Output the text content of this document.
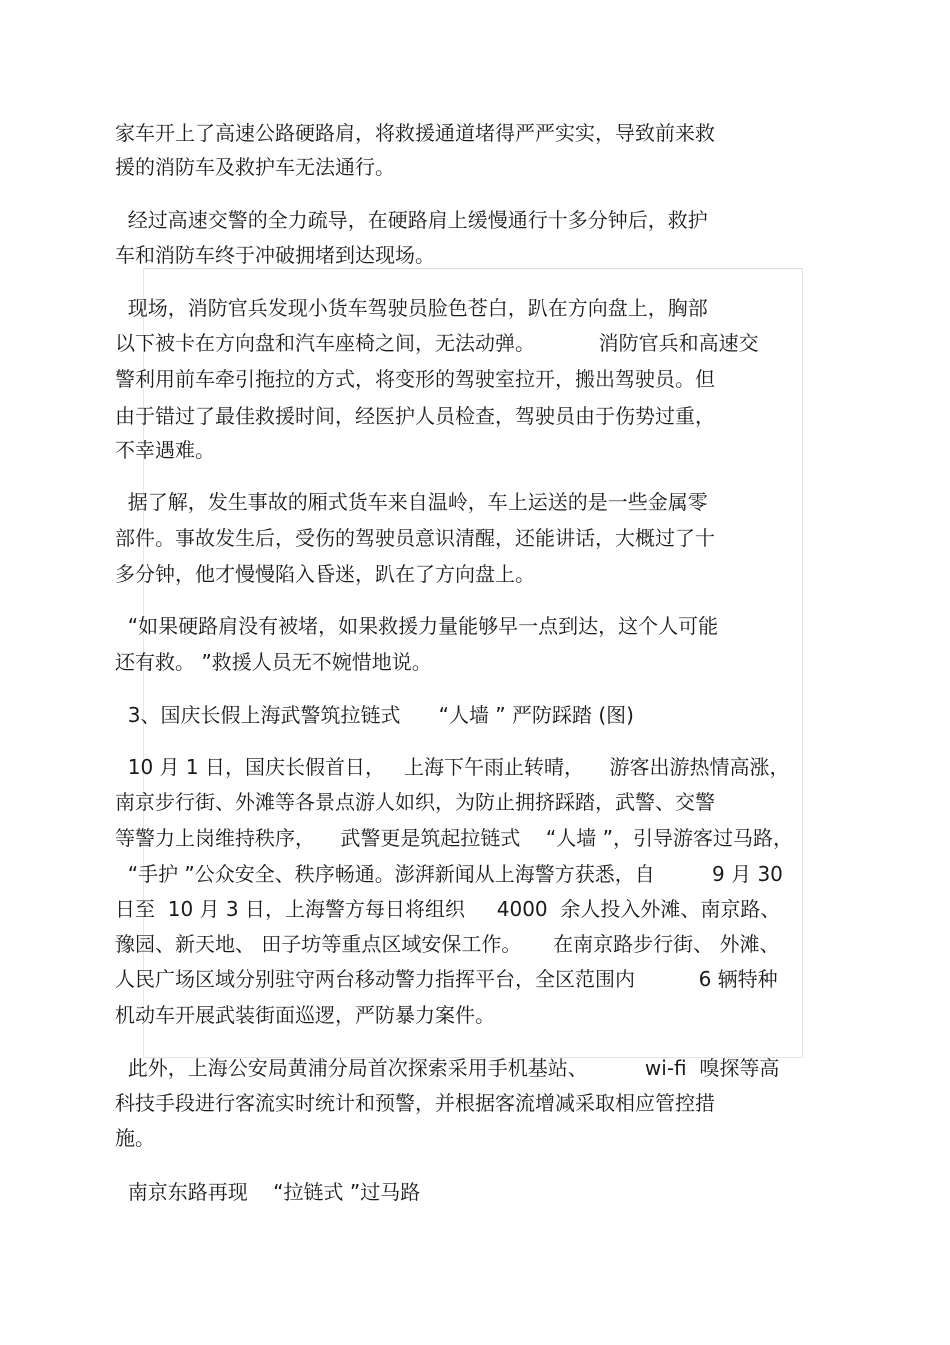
家车开上了高速公路硬路肩，将救援通道堵得严严实实，导致前来救
援的消防车及救护车无法通行。
经过高速交警的全力疏导，在硬路肩上缓慢通行十多分钟后，救护
车和消防车终于冲破拥堵到达现场。
现场，消防官兵发现小货车驾驶员脸色苍白，趴在方向盘上，胸部
以下被卡在方向盘和汽车座椅之间，无法动弹。          消防官兵和高速交
警利用前车牵引拖拉的方式，将变形的驾驶室拉开，搬出驾驶员。但
由于错过了最佳救援时间，经医护人员检查，驾驶员由于伤势过重，
不幸遇难。
据了解，发生事故的厢式货车来自温岭，车上运送的是一些金属零
部件。事故发生后，受伤的驾驶员意识清醒，还能讲话，大概过了十
多分钟，他才慢慢陷入昏迷，趴在了方向盘上。
“如果硬路肩没有被堵，如果救援力量能够早一点到达，这个人可能
还有救。 ”救援人员无不婉惜地说。
3、国庆长假上海武警筑拉链式      “人墙 ” 严防踩踏 (图)
10 月 1 日，国庆长假首日，   上海下午雨止转晴，    游客出游热情高涨，
南京步行街、外滩等各景点游人如织，为防止拥挤踩踏，武警、交警
等警力上岗维持秩序，    武警更是筑起拉链式    “人墙 ”，引导游客过马路，
“手护 ”公众安全、秩序畅通。澎湃新闻从上海警方获悉，自         9 月 30
日至  10 月 3 日，上海警方每日将组织     4000  余人投入外滩、南京路、
豫园、新天地、 田子坊等重点区域安保工作。     在南京路步行街、 外滩、
人民广场区域分别驻守两台移动警力指挥平台，全区范围内          6 辆特种
机动车开展武装街面巡逻，严防暴力案件。
此外，上海公安局黄浦分局首次探索采用手机基站、         wi-fi  嗅探等高
科技手段进行客流实时统计和预警，并根据客流增减采取相应管控措
施。
南京东路再现    “拉链式 ”过马路
